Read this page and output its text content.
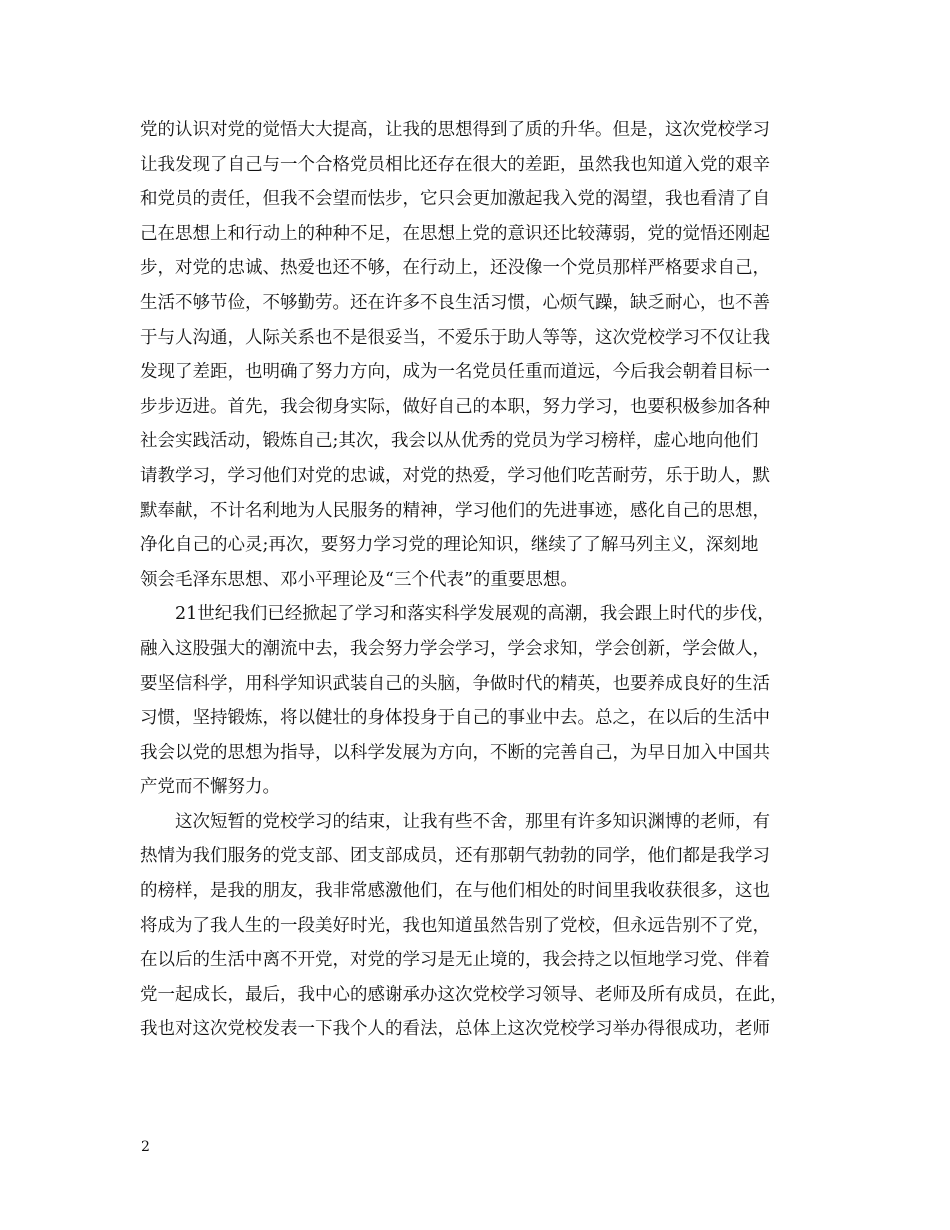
党的认识对党的觉悟大大提高，让我的思想得到了质的升华。但是，这次党校学习
让我发现了自己与一个合格党员相比还存在很大的差距，虽然我也知道入党的艰辛
和党员的责任，但我不会望而怯步，它只会更加激起我入党的渴望，我也看清了自
己在思想上和行动上的种种不足，在思想上党的意识还比较薄弱，党的觉悟还刚起
步，对党的忠诚、热爱也还不够，在行动上，还没像一个党员那样严格要求自己，
生活不够节俭，不够勤劳。还在许多不良生活习惯，心烦气躁，缺乏耐心，也不善
于与人沟通，人际关系也不是很妥当，不爱乐于助人等等，这次党校学习不仅让我
发现了差距，也明确了努力方向，成为一名党员任重而道远，今后我会朝着目标一
步步迈进。首先，我会彻身实际，做好自己的本职，努力学习，也要积极参加各种
社会实践活动，锻炼自己;其次，我会以从优秀的党员为学习榜样，虚心地向他们
请教学习，学习他们对党的忠诚，对党的热爱，学习他们吃苦耐劳，乐于助人，默
默奉献，不计名利地为人民服务的精神，学习他们的先进事迹，感化自己的思想，
净化自己的心灵;再次，要努力学习党的理论知识，继续了了解马列主义，深刻地
领会毛泽东思想、邓小平理论及“三个代表”的重要思想。
21世纪我们已经掀起了学习和落实科学发展观的高潮，我会跟上时代的步伐，
融入这股强大的潮流中去，我会努力学会学习，学会求知，学会创新，学会做人，
要坚信科学，用科学知识武装自己的头脑，争做时代的精英，也要养成良好的生活
习惯，坚持锻炼，将以健壮的身体投身于自己的事业中去。总之，在以后的生活中
我会以党的思想为指导，以科学发展为方向，不断的完善自己，为早日加入中国共
产党而不懈努力。
这次短暂的党校学习的结束，让我有些不舍，那里有许多知识渊博的老师，有
热情为我们服务的党支部、团支部成员，还有那朝气勃勃的同学，他们都是我学习
的榜样，是我的朋友，我非常感激他们，在与他们相处的时间里我收获很多，这也
将成为了我人生的一段美好时光，我也知道虽然告别了党校，但永远告别不了党，
在以后的生活中离不开党，对党的学习是无止境的，我会持之以恒地学习党、伴着
党一起成长，最后，我中心的感谢承办这次党校学习领导、老师及所有成员，在此，
我也对这次党校发表一下我个人的看法，总体上这次党校学习举办得很成功，老师
2
